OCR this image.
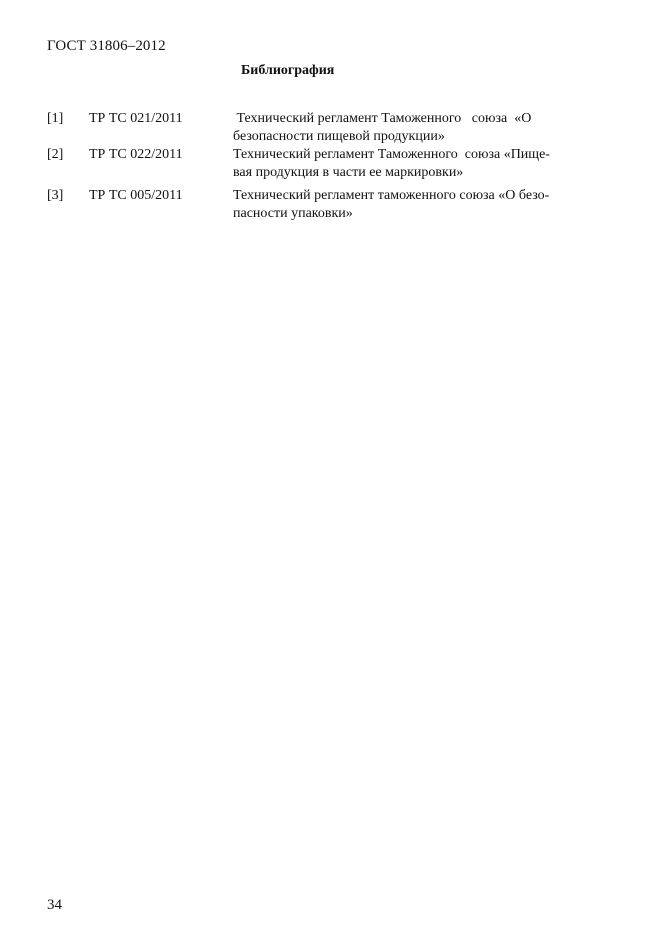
ГОСТ 31806–2012
Библиография
[1] ТР ТС 021/2011	Технический регламент Таможенного   союза  «О
безопасности пищевой продукции»
[2] ТР ТС 022/2011	Технический регламент Таможенного  союза «Пище-
вая продукция в части ее маркировки»
[3] ТР ТС 005/2011	Технический регламент таможенного союза «О безо-
пасности упаковки»
34
